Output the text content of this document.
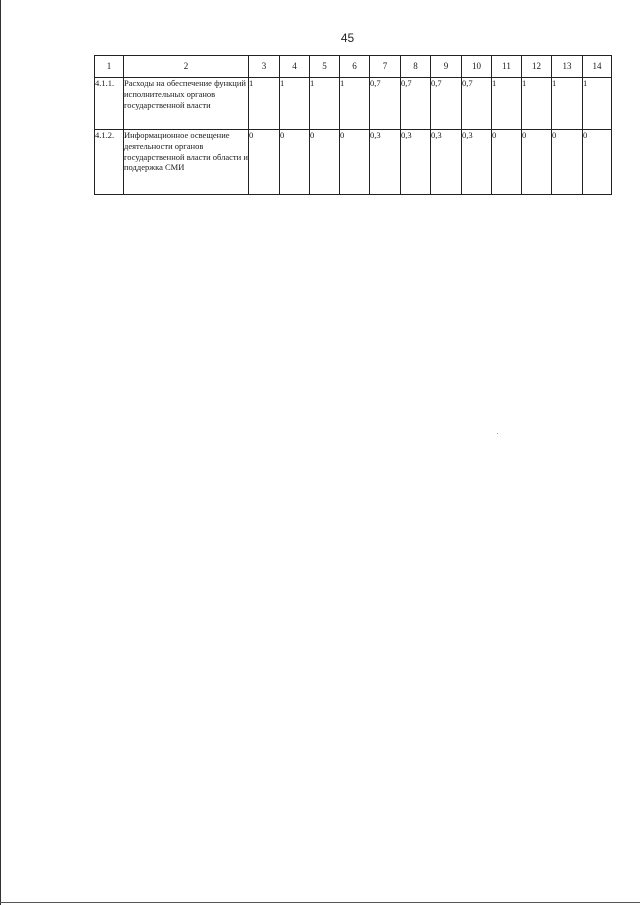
45
1	2	3	4	5	6	7	8	9	10	11	12	13	14
4.1.1.	Расходы на обеспечение функций исполнительных органов государственной власти	1	1	1	1	0,7	0,7	0,7	0,7	1	1	1	1
4.1.2.	Информационное освещение деятельности органов государственной власти области и поддержка СМИ	0	0	0	0	0,3	0,3	0,3	0,3	0	0	0	0
